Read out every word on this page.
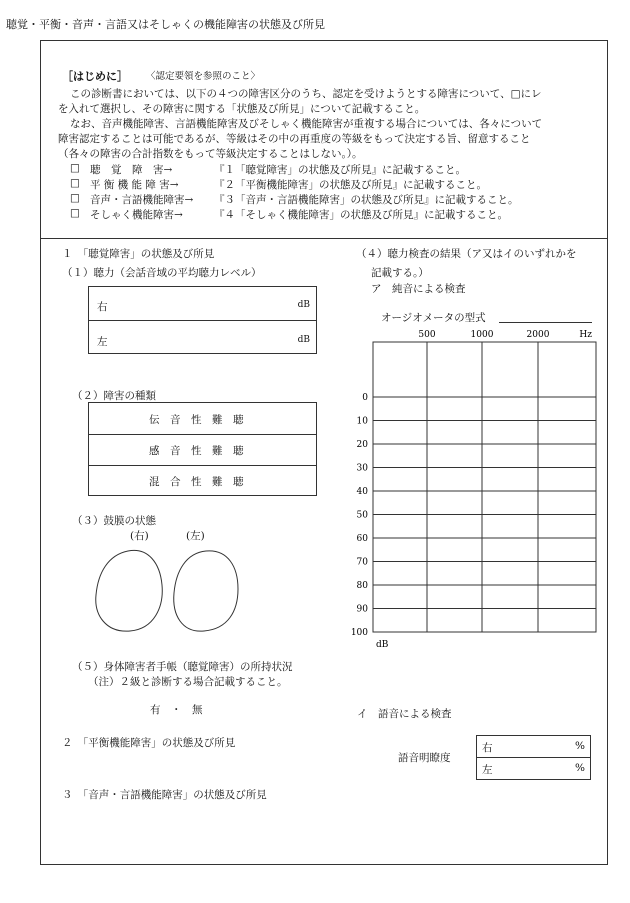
聴覚・平衡・音声・言語又はそしゃくの機能障害の状態及び所見
［はじめに］ 〈認定要領を参照のこと〉
この診断書においては、以下の４つの障害区分のうち、認定を受けようとする障害について、□にレ
を入れて選択し、その障害に関する「状態及び所見」について記載すること。
なお、音声機能障害、言語機能障害及びそしゃく機能障害が重複する場合については、各々について
障害認定することは可能であるが、等級はその中の再重度の等級をもって決定する旨、留意すること
（各々の障害の合計指数をもって等級決定することはしない。）。
□ 聴　覚　障　害→	『１「聴覚障害」の状態及び所見』に記載すること。
□ 平 衡 機 能 障 害→	『２「平衡機能障害」の状態及び所見』に記載すること。
□ 音声・言語機能障害→ 『３「音声・言語機能障害」の状態及び所見』に記載すること。
□ そしゃく機能障害→	『４「そしゃく機能障害」の状態及び所見』に記載すること。
１　「聴覚障害」の状態及び所見
（１）聴力（会話音域の平均聴力レベル）
右	dB
左	dB
（２）障害の種類
伝　音　性　難　聴
感　音　性　難　聴
混　合　性　難　聴
（３）鼓膜の状態
(右)	(左)
（５）身体障害者手帳（聴覚障害）の所持状況
（注）２級と診断する場合記載すること。
有　・　無
２　「平衡機能障害」の状態及び所見
３　「音声・言語機能障害」の状態及び所見
（４）聴力検査の結果（ア又はイのいずれかを
記載する。）
ア　純音による検査
オージオメータの型式
500	1000	2000	Hz
0
10
20
30
40
50
60
70
80
90
100
dB
イ　語音による検査
語音明瞭度
右	%
左	%
